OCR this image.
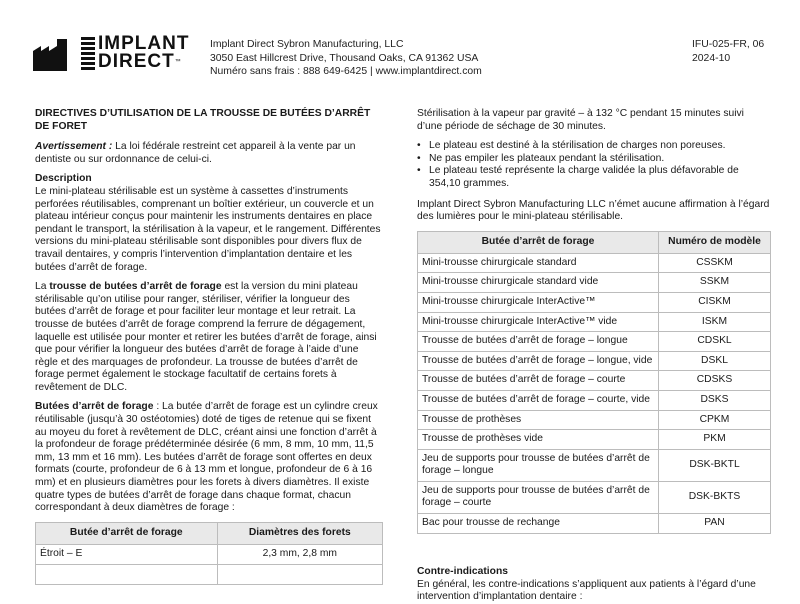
IMPLANT
DIRECT™
Implant Direct Sybron Manufacturing, LLC
3050 East Hillcrest Drive, Thousand Oaks, CA 91362 USA
Numéro sans frais : 888 649-6425 | www.implantdirect.com
IFU-025-FR, 06
2024-10

DIRECTIVES D’UTILISATION DE LA TROUSSE DE BUTÉES D’ARRÊT DE FORET

Avertissement : La loi fédérale restreint cet appareil à la vente par un dentiste ou sur ordonnance de celui-ci.

Description

Le mini-plateau stérilisable est un système à cassettes d’instruments perforées réutilisables, comprenant un boîtier extérieur, un couvercle et un plateau intérieur conçus pour maintenir les instruments dentaires en place pendant le transport, la stérilisation à la vapeur, et le rangement. Différentes versions du mini-plateau stérilisable sont disponibles pour divers flux de travail dentaires, y compris l’intervention d’implantation dentaire et les butées d’arrêt de forage.

La trousse de butées d’arrêt de forage est la version du mini plateau stérilisable qu’on utilise pour ranger, stériliser, vérifier la longueur des butées d’arrêt de forage et pour faciliter leur montage et leur retrait. La trousse de butées d’arrêt de forage comprend la ferrure de dégagement, laquelle est utilisée pour monter et retirer les butées d’arrêt de forage, ainsi que pour vérifier la longueur des butées d’arrêt de forage à l’aide d’une règle et des marquages de profondeur. La trousse de butées d’arrêt de forage permet également le stockage facultatif de certains forets à revêtement de DLC.

Butées d’arrêt de forage : La butée d’arrêt de forage est un cylindre creux réutilisable (jusqu’à 30 ostéotomies) doté de tiges de retenue qui se fixent au moyeu du foret à revêtement de DLC, créant ainsi une fonction d’arrêt à la profondeur de forage prédéterminée désirée (6 mm, 8 mm, 10 mm, 11,5 mm, 13 mm et 16 mm). Les butées d’arrêt de forage sont offertes en deux formats (courte, profondeur de 6 à 13 mm et longue, profondeur de 6 à 16 mm) et en plusieurs diamètres pour les forets à divers diamètres. Il existe quatre types de butées d’arrêt de forage dans chaque format, chacun correspondant à deux diamètres de forage :

Butée d’arrêt de forage	Diamètres des forets
Étroit – E	2,3 mm, 2,8 mm

Stérilisation à la vapeur par gravité – à 132 °C pendant 15 minutes suivi d’une période de séchage de 30 minutes.

• Le plateau est destiné à la stérilisation de charges non poreuses.
• Ne pas empiler les plateaux pendant la stérilisation.
• Le plateau testé représente la charge validée la plus défavorable de 354,10 grammes.

Implant Direct Sybron Manufacturing LLC n’émet aucune affirmation à l’égard des lumières pour le mini-plateau stérilisable.

Butée d’arrêt de forage	Numéro de modèle
Mini-trousse chirurgicale standard	CSSKM
Mini-trousse chirurgicale standard vide	SSKM
Mini-trousse chirurgicale InterActive™	CISKM
Mini-trousse chirurgicale InterActive™ vide	ISKM
Trousse de butées d’arrêt de forage – longue	CDSKL
Trousse de butées d’arrêt de forage – longue, vide	DSKL
Trousse de butées d’arrêt de forage – courte	CDSKS
Trousse de butées d’arrêt de forage – courte, vide	DSKS
Trousse de prothèses	CPKM
Trousse de prothèses vide	PKM
Jeu de supports pour trousse de butées d’arrêt de forage – longue	DSK-BKTL
Jeu de supports pour trousse de butées d’arrêt de forage – courte	DSK-BKTS
Bac pour trousse de rechange	PAN

Contre-indications

En général, les contre-indications s’appliquent aux patients à l’égard d’une intervention d’implantation dentaire :
